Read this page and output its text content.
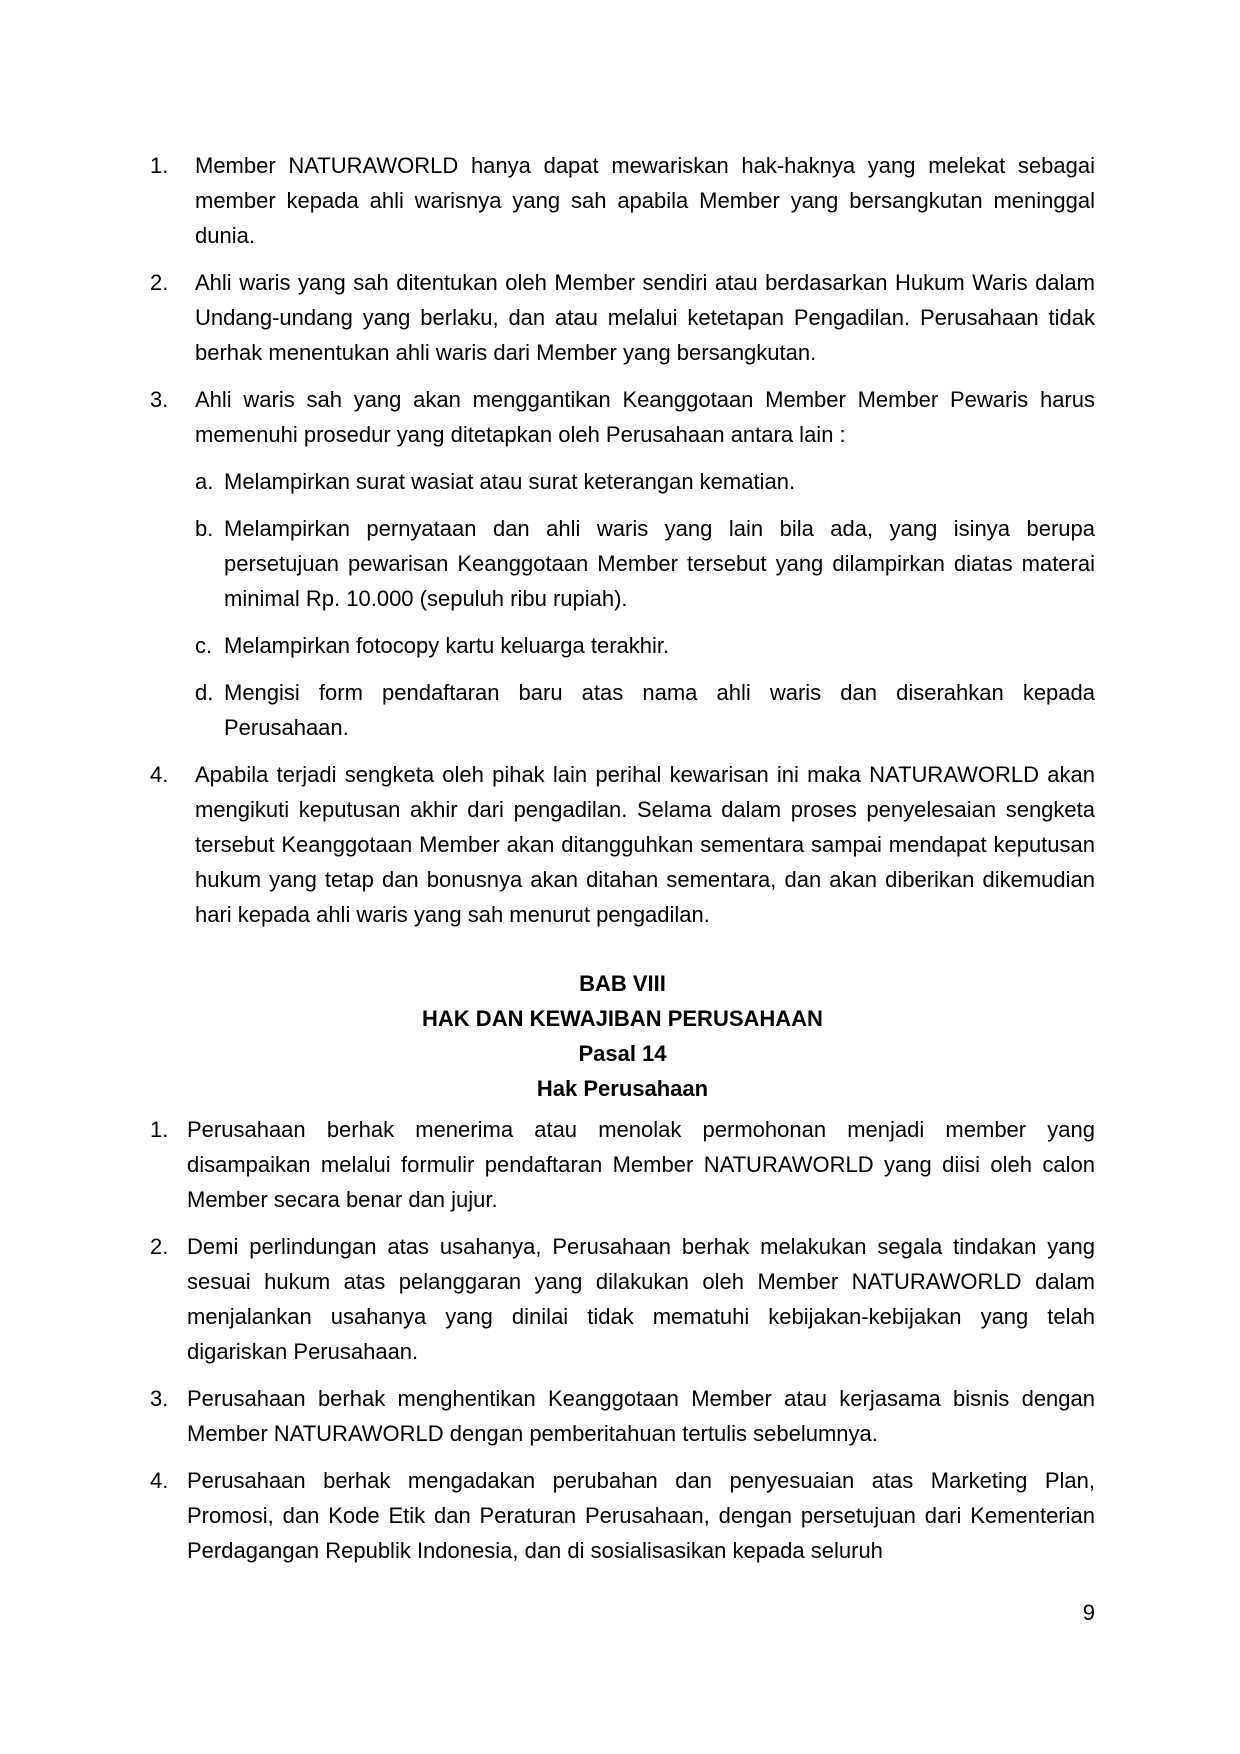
1. Member NATURAWORLD hanya dapat mewariskan hak-haknya yang melekat sebagai member kepada ahli warisnya yang sah apabila Member yang bersangkutan meninggal dunia.
2. Ahli waris yang sah ditentukan oleh Member sendiri atau berdasarkan Hukum Waris dalam Undang-undang yang berlaku, dan atau melalui ketetapan Pengadilan. Perusahaan tidak berhak menentukan ahli waris dari Member yang bersangkutan.
3. Ahli waris sah yang akan menggantikan Keanggotaan Member Member Pewaris harus memenuhi prosedur yang ditetapkan oleh Perusahaan antara lain :
a. Melampirkan surat wasiat atau surat keterangan kematian.
b. Melampirkan pernyataan dan ahli waris yang lain bila ada, yang isinya berupa persetujuan pewarisan Keanggotaan Member tersebut yang dilampirkan diatas materai minimal Rp. 10.000 (sepuluh ribu rupiah).
c. Melampirkan fotocopy kartu keluarga terakhir.
d. Mengisi form pendaftaran baru atas nama ahli waris dan diserahkan kepada Perusahaan.
4. Apabila terjadi sengketa oleh pihak lain perihal kewarisan ini maka NATURAWORLD akan mengikuti keputusan akhir dari pengadilan. Selama dalam proses penyelesaian sengketa tersebut Keanggotaan Member akan ditangguhkan sementara sampai mendapat keputusan hukum yang tetap dan bonusnya akan ditahan sementara, dan akan diberikan dikemudian hari kepada ahli waris yang sah menurut pengadilan.

BAB VIII

HAK DAN KEWAJIBAN PERUSAHAAN

Pasal 14

Hak Perusahaan

1. Perusahaan berhak menerima atau menolak permohonan menjadi member yang disampaikan melalui formulir pendaftaran Member NATURAWORLD yang diisi oleh calon Member secara benar dan jujur.
2. Demi perlindungan atas usahanya, Perusahaan berhak melakukan segala tindakan yang sesuai hukum atas pelanggaran yang dilakukan oleh Member NATURAWORLD dalam menjalankan usahanya yang dinilai tidak mematuhi kebijakan-kebijakan yang telah digariskan Perusahaan.
3. Perusahaan berhak menghentikan Keanggotaan Member atau kerjasama bisnis dengan Member NATURAWORLD dengan pemberitahuan tertulis sebelumnya.
4. Perusahaan berhak mengadakan perubahan dan penyesuaian atas Marketing Plan, Promosi, dan Kode Etik dan Peraturan Perusahaan, dengan persetujuan dari Kementerian Perdagangan Republik Indonesia, dan di sosialisasikan kepada seluruh
9
